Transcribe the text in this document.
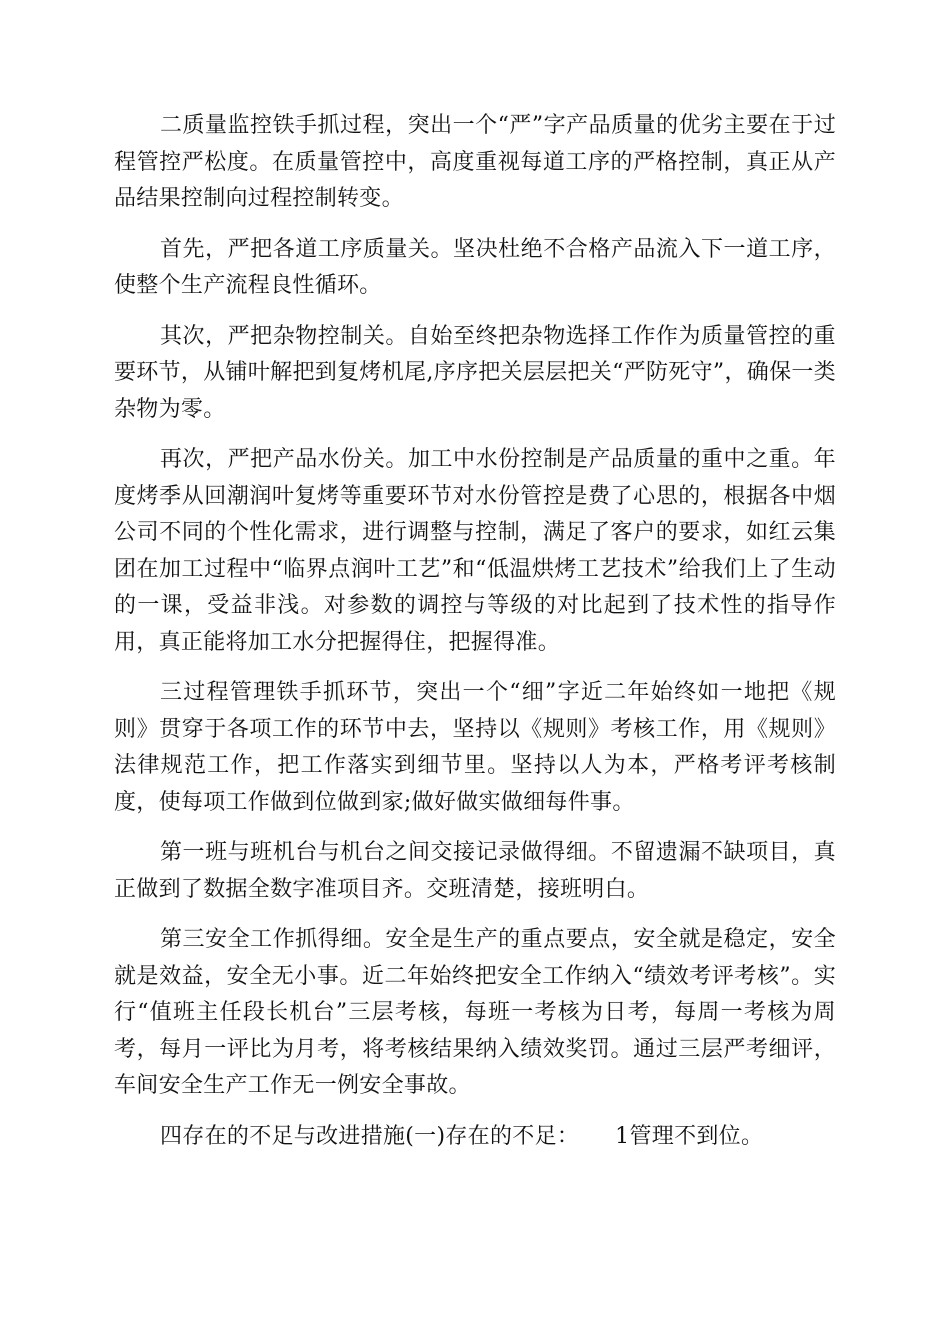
二质量监控铁手抓过程，突出一个“严”字产品质量的优劣主要在于过程管控严松度。在质量管控中，高度重视每道工序的严格控制，真正从产品结果控制向过程控制转变。

首先，严把各道工序质量关。坚决杜绝不合格产品流入下一道工序，使整个生产流程良性循环。

其次，严把杂物控制关。自始至终把杂物选择工作作为质量管控的重要环节，从铺叶解把到复烤机尾,序序把关层层把关“严防死守”，确保一类杂物为零。

再次，严把产品水份关。加工中水份控制是产品质量的重中之重。年度烤季从回潮润叶复烤等重要环节对水份管控是费了心思的，根据各中烟公司不同的个性化需求，进行调整与控制，满足了客户的要求，如红云集团在加工过程中“临界点润叶工艺”和“低温烘烤工艺技术”给我们上了生动的一课，受益非浅。对参数的调控与等级的对比起到了技术性的指导作用，真正能将加工水分把握得住，把握得准。

三过程管理铁手抓环节，突出一个“细”字近二年始终如一地把《规则》贯穿于各项工作的环节中去，坚持以《规则》考核工作，用《规则》法律规范工作，把工作落实到细节里。坚持以人为本，严格考评考核制度，使每项工作做到位做到家;做好做实做细每件事。

第一班与班机台与机台之间交接记录做得细。不留遗漏不缺项目，真正做到了数据全数字准项目齐。交班清楚，接班明白。

第三安全工作抓得细。安全是生产的重点要点，安全就是稳定，安全就是效益，安全无小事。近二年始终把安全工作纳入“绩效考评考核”。实行“值班主任段长机台”三层考核，每班一考核为日考，每周一考核为周考，每月一评比为月考，将考核结果纳入绩效奖罚。通过三层严考细评，车间安全生产工作无一例安全事故。

四存在的不足与改进措施(一)存在的不足： 1管理不到位。
